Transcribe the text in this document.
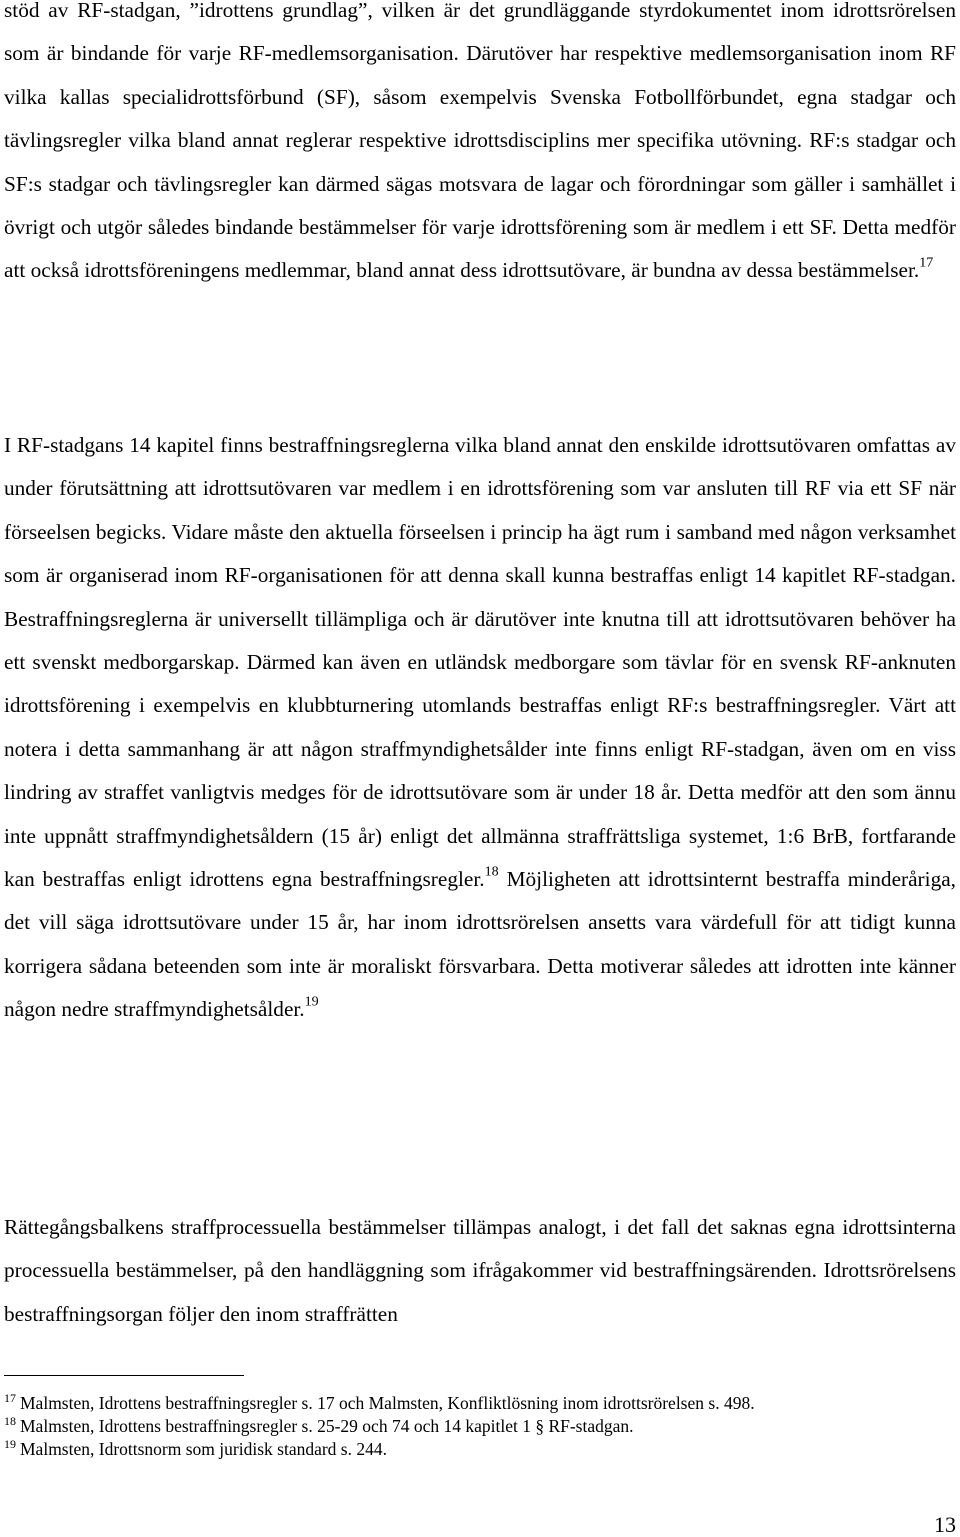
stöd av RF-stadgan, ”idrottens grundlag”, vilken är det grundläggande styrdokumentet inom idrottsrörelsen som är bindande för varje RF-medlemsorganisation. Därutöver har respektive medlemsorganisation inom RF vilka kallas specialidrottsförbund (SF), såsom exempelvis Svenska Fotbollförbundet, egna stadgar och tävlingsregler vilka bland annat reglerar respektive idrottsdisciplins mer specifika utövning. RF:s stadgar och SF:s stadgar och tävlingsregler kan därmed sägas motsvara de lagar och förordningar som gäller i samhället i övrigt och utgör således bindande bestämmelser för varje idrottsförening som är medlem i ett SF. Detta medför att också idrottsföreningens medlemmar, bland annat dess idrottsutövare, är bundna av dessa bestämmelser.$^{17}$

I RF-stadgans 14 kapitel finns bestraffningsreglerna vilka bland annat den enskilde idrottsutövaren omfattas av under förutsättning att idrottsutövaren var medlem i en idrottsförening som var ansluten till RF via ett SF när förseelsen begicks. Vidare måste den aktuella förseelsen i princip ha ägt rum i samband med någon verksamhet som är organiserad inom RF-organisationen för att denna skall kunna bestraffas enligt 14 kapitlet RF-stadgan. Bestraffningsreglerna är universellt tillämpliga och är därutöver inte knutna till att idrottsutövaren behöver ha ett svenskt medborgarskap. Därmed kan även en utländsk medborgare som tävlar för en svensk RF-anknuten idrottsförening i exempelvis en klubbturnering utomlands bestraffas enligt RF:s bestraffningsregler. Värt att notera i detta sammanhang är att någon straffmyndighetsålder inte finns enligt RF-stadgan, även om en viss lindring av straffet vanligtvis medges för de idrottsutövare som är under 18 år. Detta medför att den som ännu inte uppnått straffmyndighetsåldern (15 år) enligt det allmänna straffrättsliga systemet, 1:6 BrB, fortfarande kan bestraffas enligt idrottens egna bestraffningsregler.$^{18}$ Möjligheten att idrottsinternt bestraffa minderåriga, det vill säga idrottsutövare under 15 år, har inom idrottsrörelsen ansetts vara värdefull för att tidigt kunna korrigera sådana beteenden som inte är moraliskt försvarbara. Detta motiverar således att idrotten inte känner någon nedre straffmyndighetsålder.$^{19}$

Rättegångsbalkens straffprocessuella bestämmelser tillämpas analogt, i det fall det saknas egna idrottsinterna processuella bestämmelser, på den handläggning som ifrågakommer vid bestraffningsärenden. Idrottsrörelsens bestraffningsorgan följer den inom straffrätten

$^{17}$ Malmsten, Idrottens bestraffningsregler s. 17 och Malmsten, Konfliktlösning inom idrottsrörelsen s. 498.
$^{18}$ Malmsten, Idrottens bestraffningsregler s. 25-29 och 74 och 14 kapitlet 1 § RF-stadgan.
$^{19}$ Malmsten, Idrottsnorm som juridisk standard s. 244.
13
